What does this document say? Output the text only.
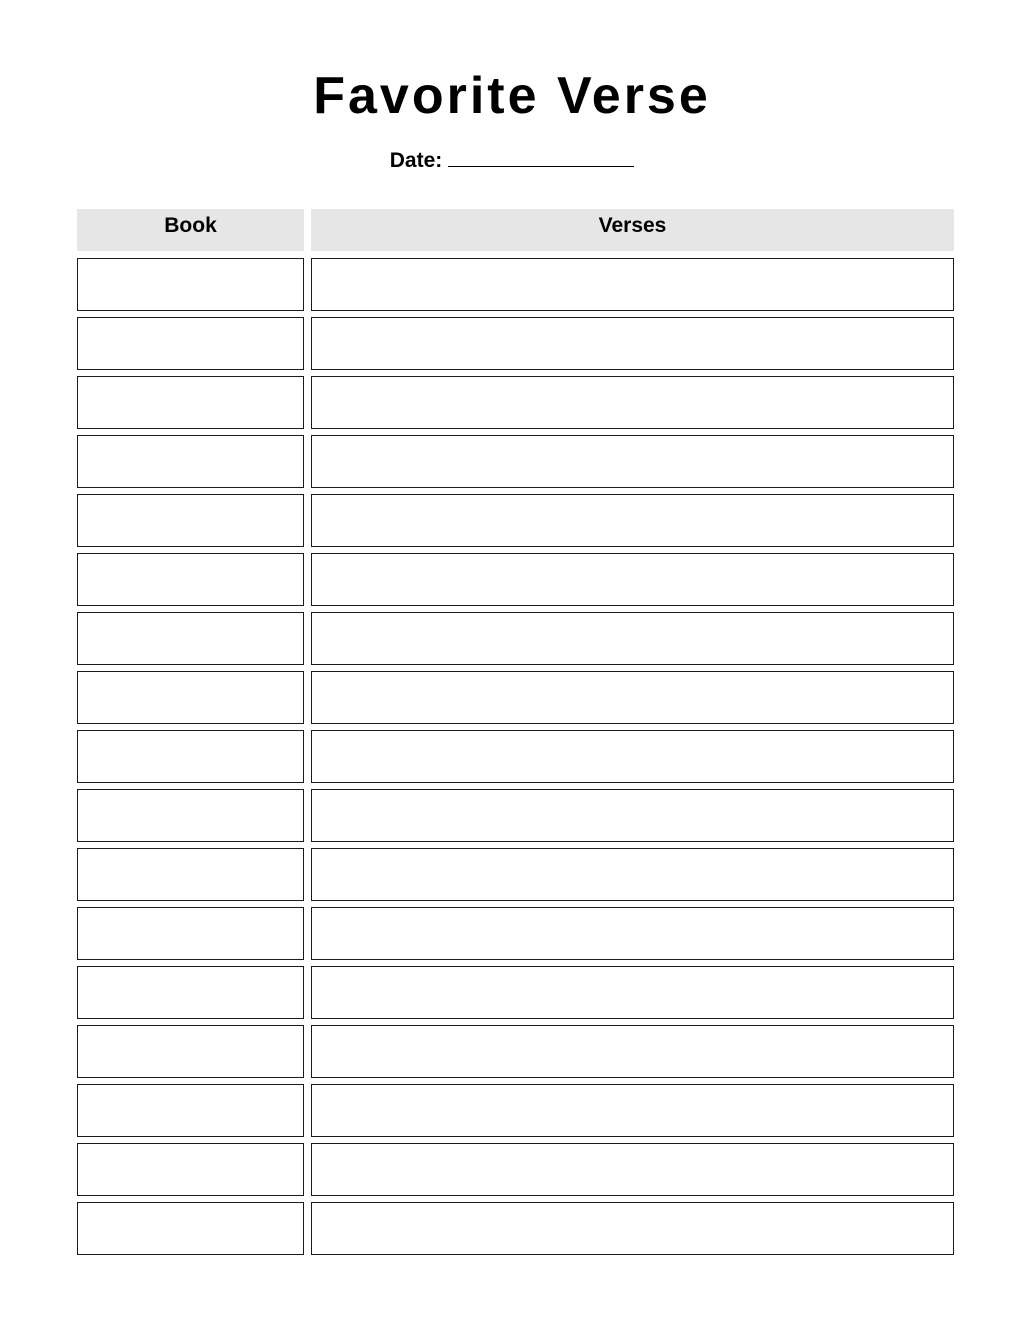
Favorite Verse
Date:
Book	Verses
